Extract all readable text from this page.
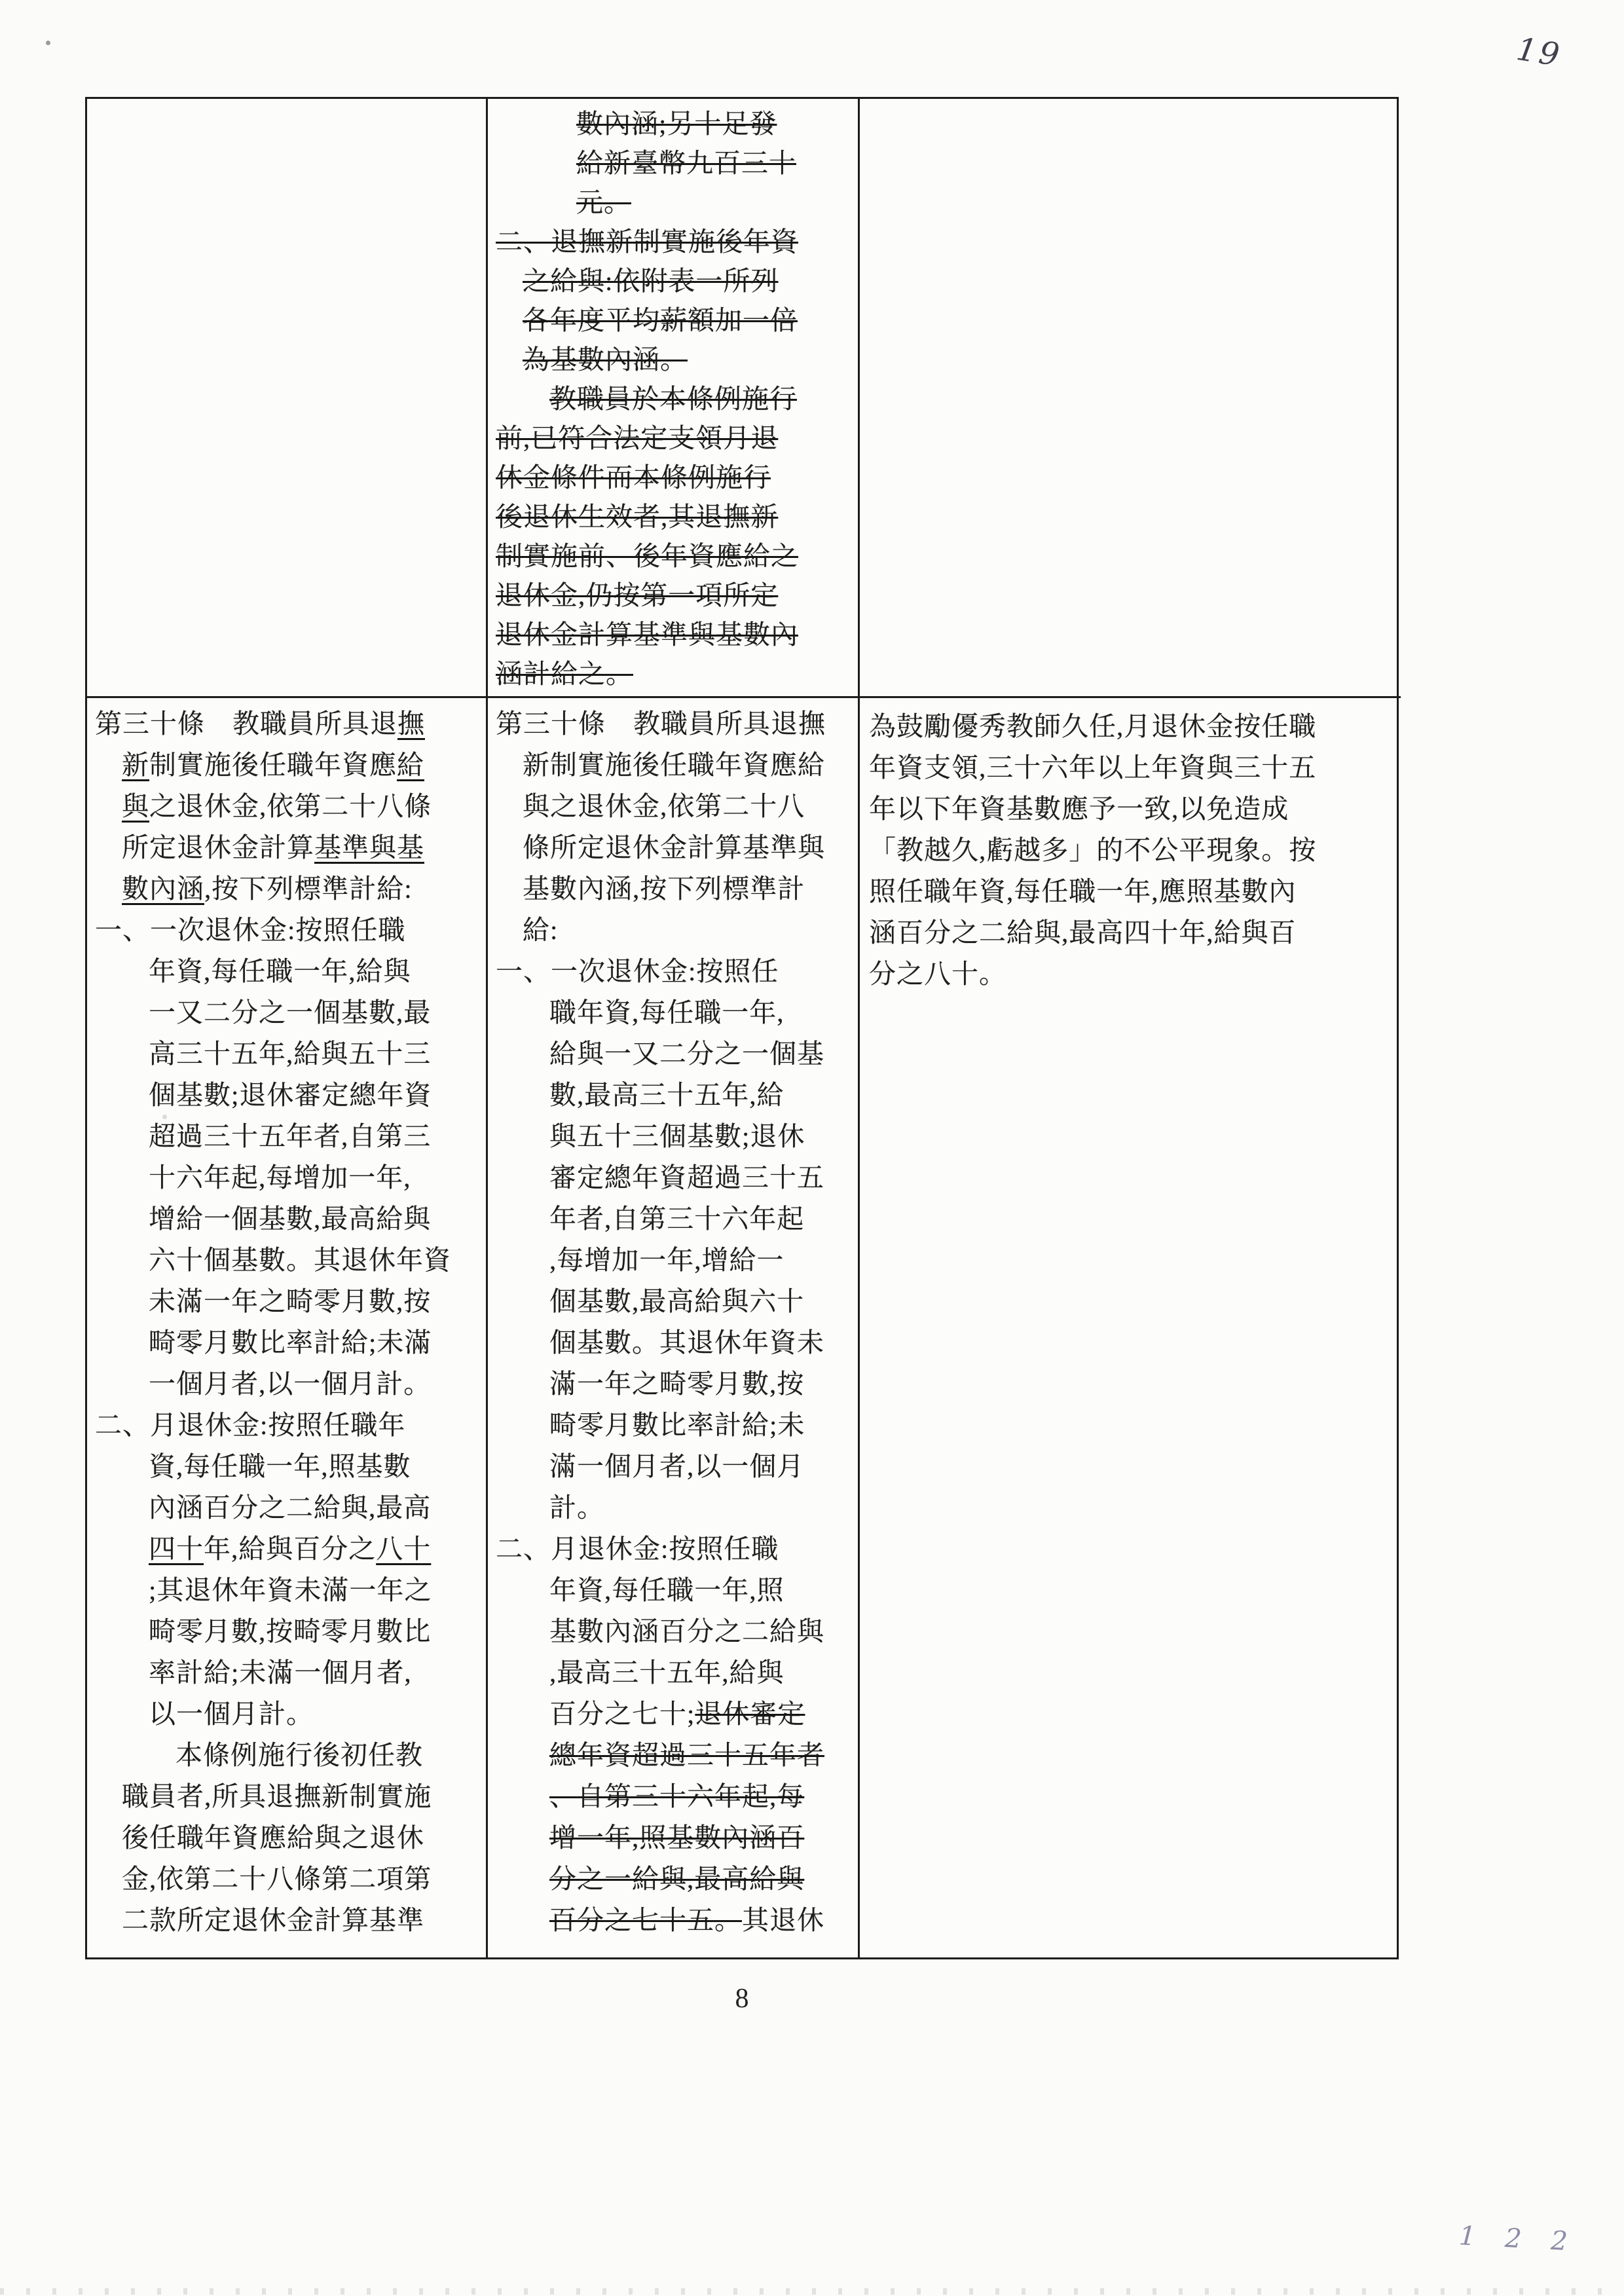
19
數內涵;另十足發
給新臺幣九百三十
元。
二、退撫新制實施後年資
之給與:依附表一所列
各年度平均薪額加一倍
為基數內涵。
教職員於本條例施行
前,已符合法定支領月退
休金條件而本條例施行
後退休生效者,其退撫新
制實施前、後年資應給之
退休金,仍按第一項所定
退休金計算基準與基數內
涵計給之。
第三十條　教職員所具退撫
新制實施後任職年資應給
與之退休金,依第二十八條
所定退休金計算基準與基
數內涵,按下列標準計給:
一、一次退休金:按照任職
年資,每任職一年,給與
一又二分之一個基數,最
高三十五年,給與五十三
個基數;退休審定總年資
超過三十五年者,自第三
十六年起,每增加一年,
增給一個基數,最高給與
六十個基數。其退休年資
未滿一年之畸零月數,按
畸零月數比率計給;未滿
一個月者,以一個月計。
二、月退休金:按照任職年
資,每任職一年,照基數
內涵百分之二給與,最高
四十年,給與百分之八十
;其退休年資未滿一年之
畸零月數,按畸零月數比
率計給;未滿一個月者,
以一個月計。
本條例施行後初任教
職員者,所具退撫新制實施
後任職年資應給與之退休
金,依第二十八條第二項第
二款所定退休金計算基準
第三十條　教職員所具退撫
新制實施後任職年資應給
與之退休金,依第二十八
條所定退休金計算基準與
基數內涵,按下列標準計
給:
一、一次退休金:按照任
職年資,每任職一年,
給與一又二分之一個基
數,最高三十五年,給
與五十三個基數;退休
審定總年資超過三十五
年者,自第三十六年起
,每增加一年,增給一
個基數,最高給與六十
個基數。其退休年資未
滿一年之畸零月數,按
畸零月數比率計給;未
滿一個月者,以一個月
計。
二、月退休金:按照任職
年資,每任職一年,照
基數內涵百分之二給與
,最高三十五年,給與
百分之七十;退休審定
總年資超過三十五年者
、自第三十六年起,每
增一年,照基數內涵百
分之一給與,最高給與
百分之七十五。其退休
為鼓勵優秀教師久任,月退休金按任職
年資支領,三十六年以上年資與三十五
年以下年資基數應予一致,以免造成
「教越久,虧越多」的不公平現象。按
照任職年資,每任職一年,應照基數內
涵百分之二給與,最高四十年,給與百
分之八十。
8
1 2 2
